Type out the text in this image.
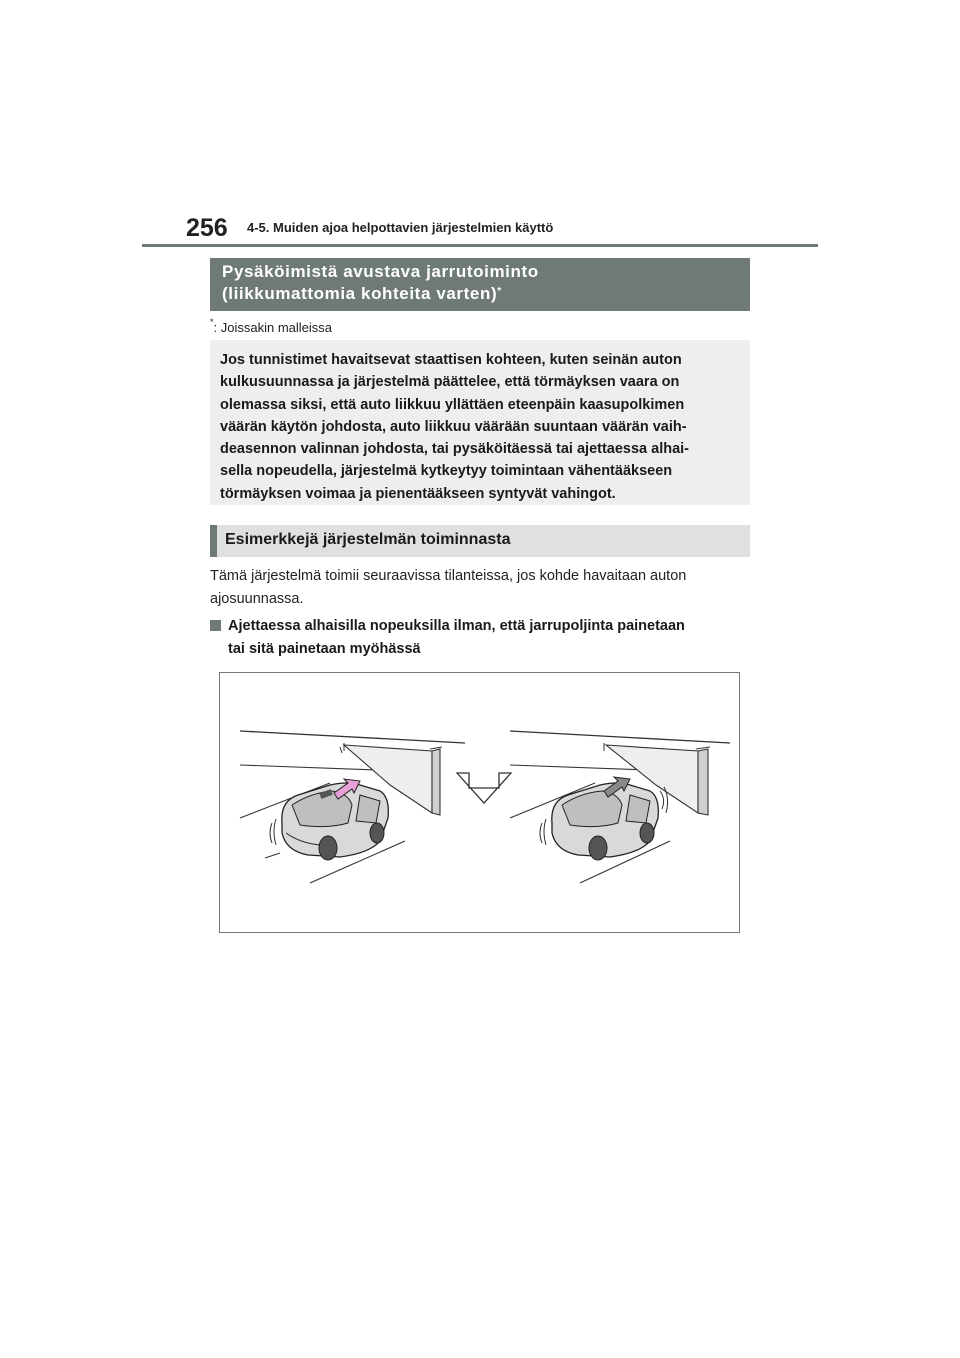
256 4-5. Muiden ajoa helpottavien järjestelmien käyttö
Pysäköimistä avustava jarrutoiminto
(liikkumattomia kohteita varten)*
*: Joissakin malleissa
Jos tunnistimet havaitsevat staattisen kohteen, kuten seinän auton
kulkusuunnassa ja järjestelmä päättelee, että törmäyksen vaara on
olemassa siksi, että auto liikkuu yllättäen eteenpäin kaasupolkimen
väärän käytön johdosta, auto liikkuu väärään suuntaan väärän vaih-
deasennon valinnan johdosta, tai pysäköitäessä tai ajettaessa alhai-
sella nopeudella, järjestelmä kytkeytyy toimintaan vähentääkseen
törmäyksen voimaa ja pienentääkseen syntyvät vahingot.
Esimerkkejä järjestelmän toiminnasta
Tämä järjestelmä toimii seuraavissa tilanteissa, jos kohde havaitaan auton
ajosuunnassa.
Ajettaessa alhaisilla nopeuksilla ilman, että jarrupoljinta painetaan
tai sitä painetaan myöhässä
